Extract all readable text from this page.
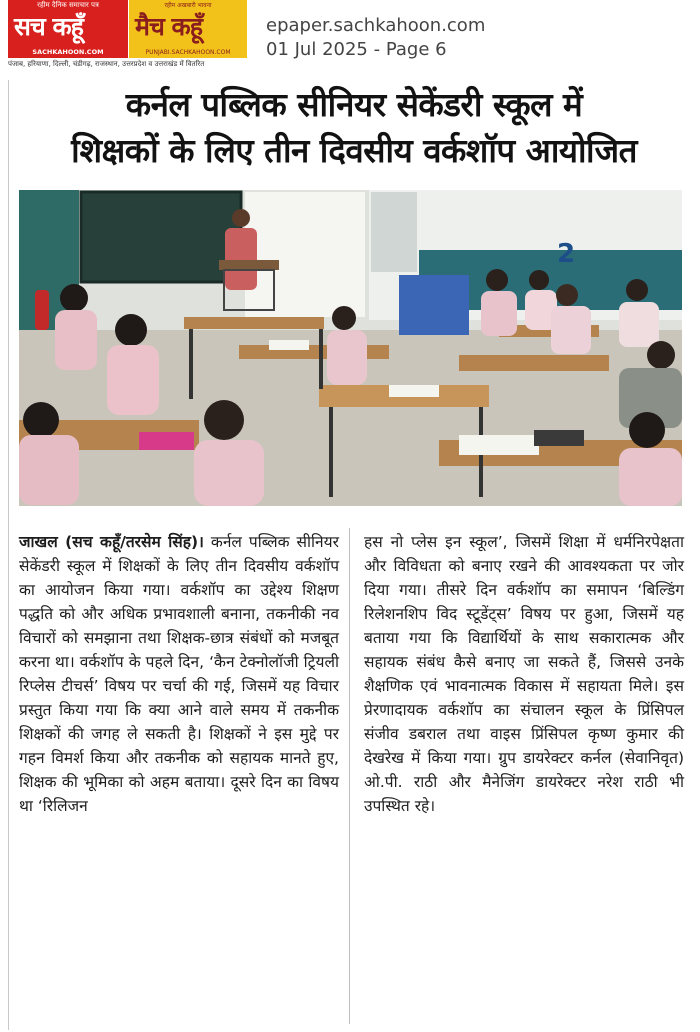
रहीम दैनिक समाचार पत्र
सच कहूँ
SACHKAHOON.COM
रहीम अखबारी भावना
मैच कहूँ
PUNJABI.SACHKAHOON.COM
पंजाब, हरियाणा, दिल्ली, चंडीगढ़, राजस्थान, उत्तरप्रदेश व उत्तराखंड में वितरित
epaper.sachkahoon.com
01 Jul 2025 - Page 6
कर्नल पब्लिक सीनियर सेकेंडरी स्कूल में
शिक्षकों के लिए तीन दिवसीय वर्कशॉप आयोजित
2

जाखल (सच कहूँ/तरसेम सिंह)। कर्नल पब्लिक सीनियर सेकेंडरी स्कूल में शिक्षकों के लिए तीन दिवसीय वर्कशॉप का आयोजन किया गया। वर्कशॉप का उद्देश्य शिक्षण पद्धति को और अधिक प्रभावशाली बनाना, तकनीकी नव विचारों को समझाना तथा शिक्षक-छात्र संबंधों को मजबूत करना था। वर्कशॉप के पहले दिन, ‘कैन टेक्नोलॉजी ट्रियली रिप्लेस टीचर्स’ विषय पर चर्चा की गई, जिसमें यह विचार प्रस्तुत किया गया कि क्या आने वाले समय में तकनीक शिक्षकों की जगह ले सकती है। शिक्षकों ने इस मुद्दे पर गहन विमर्श किया और तकनीक को सहायक मानते हुए, शिक्षक की भूमिका को अहम बताया। दूसरे दिन का विषय था ‘रिलिजन

हस नो प्लेस इन स्कूल’, जिसमें शिक्षा में धर्मनिरपेक्षता और विविधता को बनाए रखने की आवश्यकता पर जोर दिया गया। तीसरे दिन वर्कशॉप का समापन ‘बिल्डिंग रिलेशनशिप विद स्टूडेंट्स’ विषय पर हुआ, जिसमें यह बताया गया कि विद्यार्थियों के साथ सकारात्मक और सहायक संबंध कैसे बनाए जा सकते हैं, जिससे उनके शैक्षणिक एवं भावनात्मक विकास में सहायता मिले। इस प्रेरणादायक वर्कशॉप का संचालन स्कूल के प्रिंसिपल संजीव डबराल तथा वाइस प्रिंसिपल कृष्ण कुमार की देखरेख में किया गया। ग्रुप डायरेक्टर कर्नल (सेवानिवृत) ओ.पी. राठी और मैनेजिंग डायरेक्टर नरेश राठी भी उपस्थित रहे।
